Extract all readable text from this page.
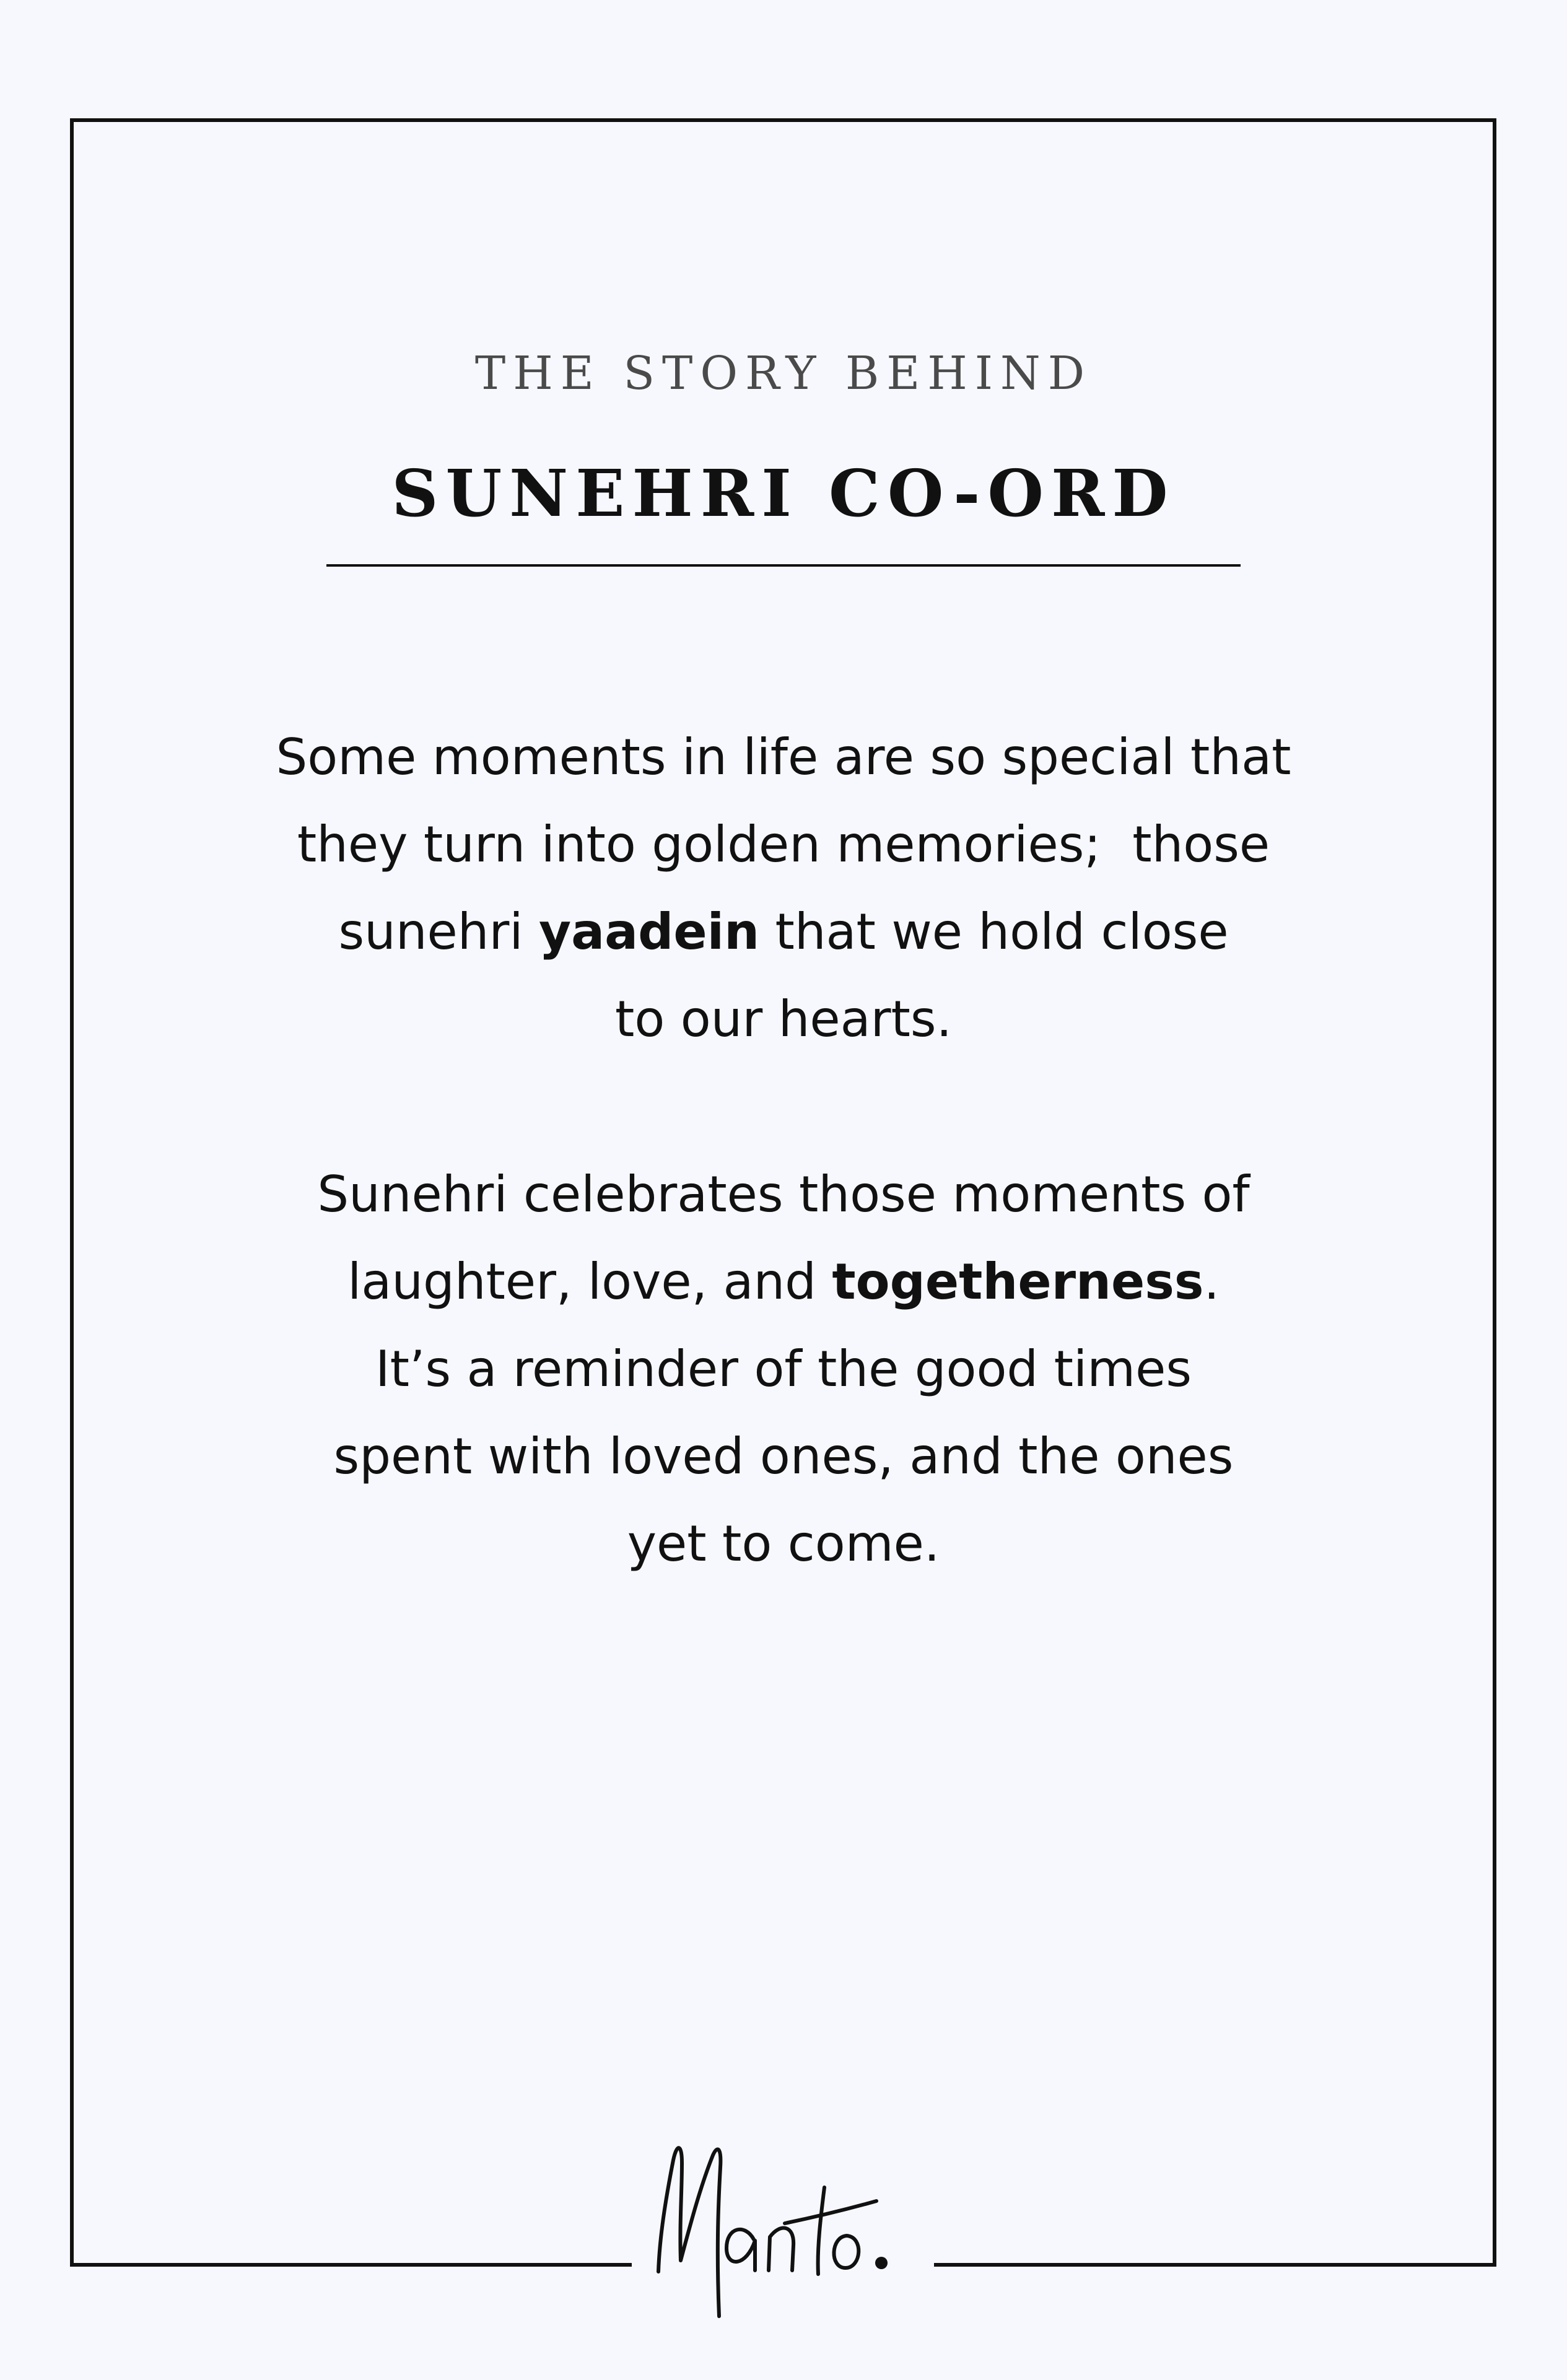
THE STORY BEHIND
SUNEHRI CO-ORD
Some moments in life are so special that
they turn into golden memories;  those
sunehri yaadein that we hold close
to our hearts.
Sunehri celebrates those moments of
laughter, love, and togetherness.
It’s a reminder of the good times
spent with loved ones, and the ones
yet to come.
